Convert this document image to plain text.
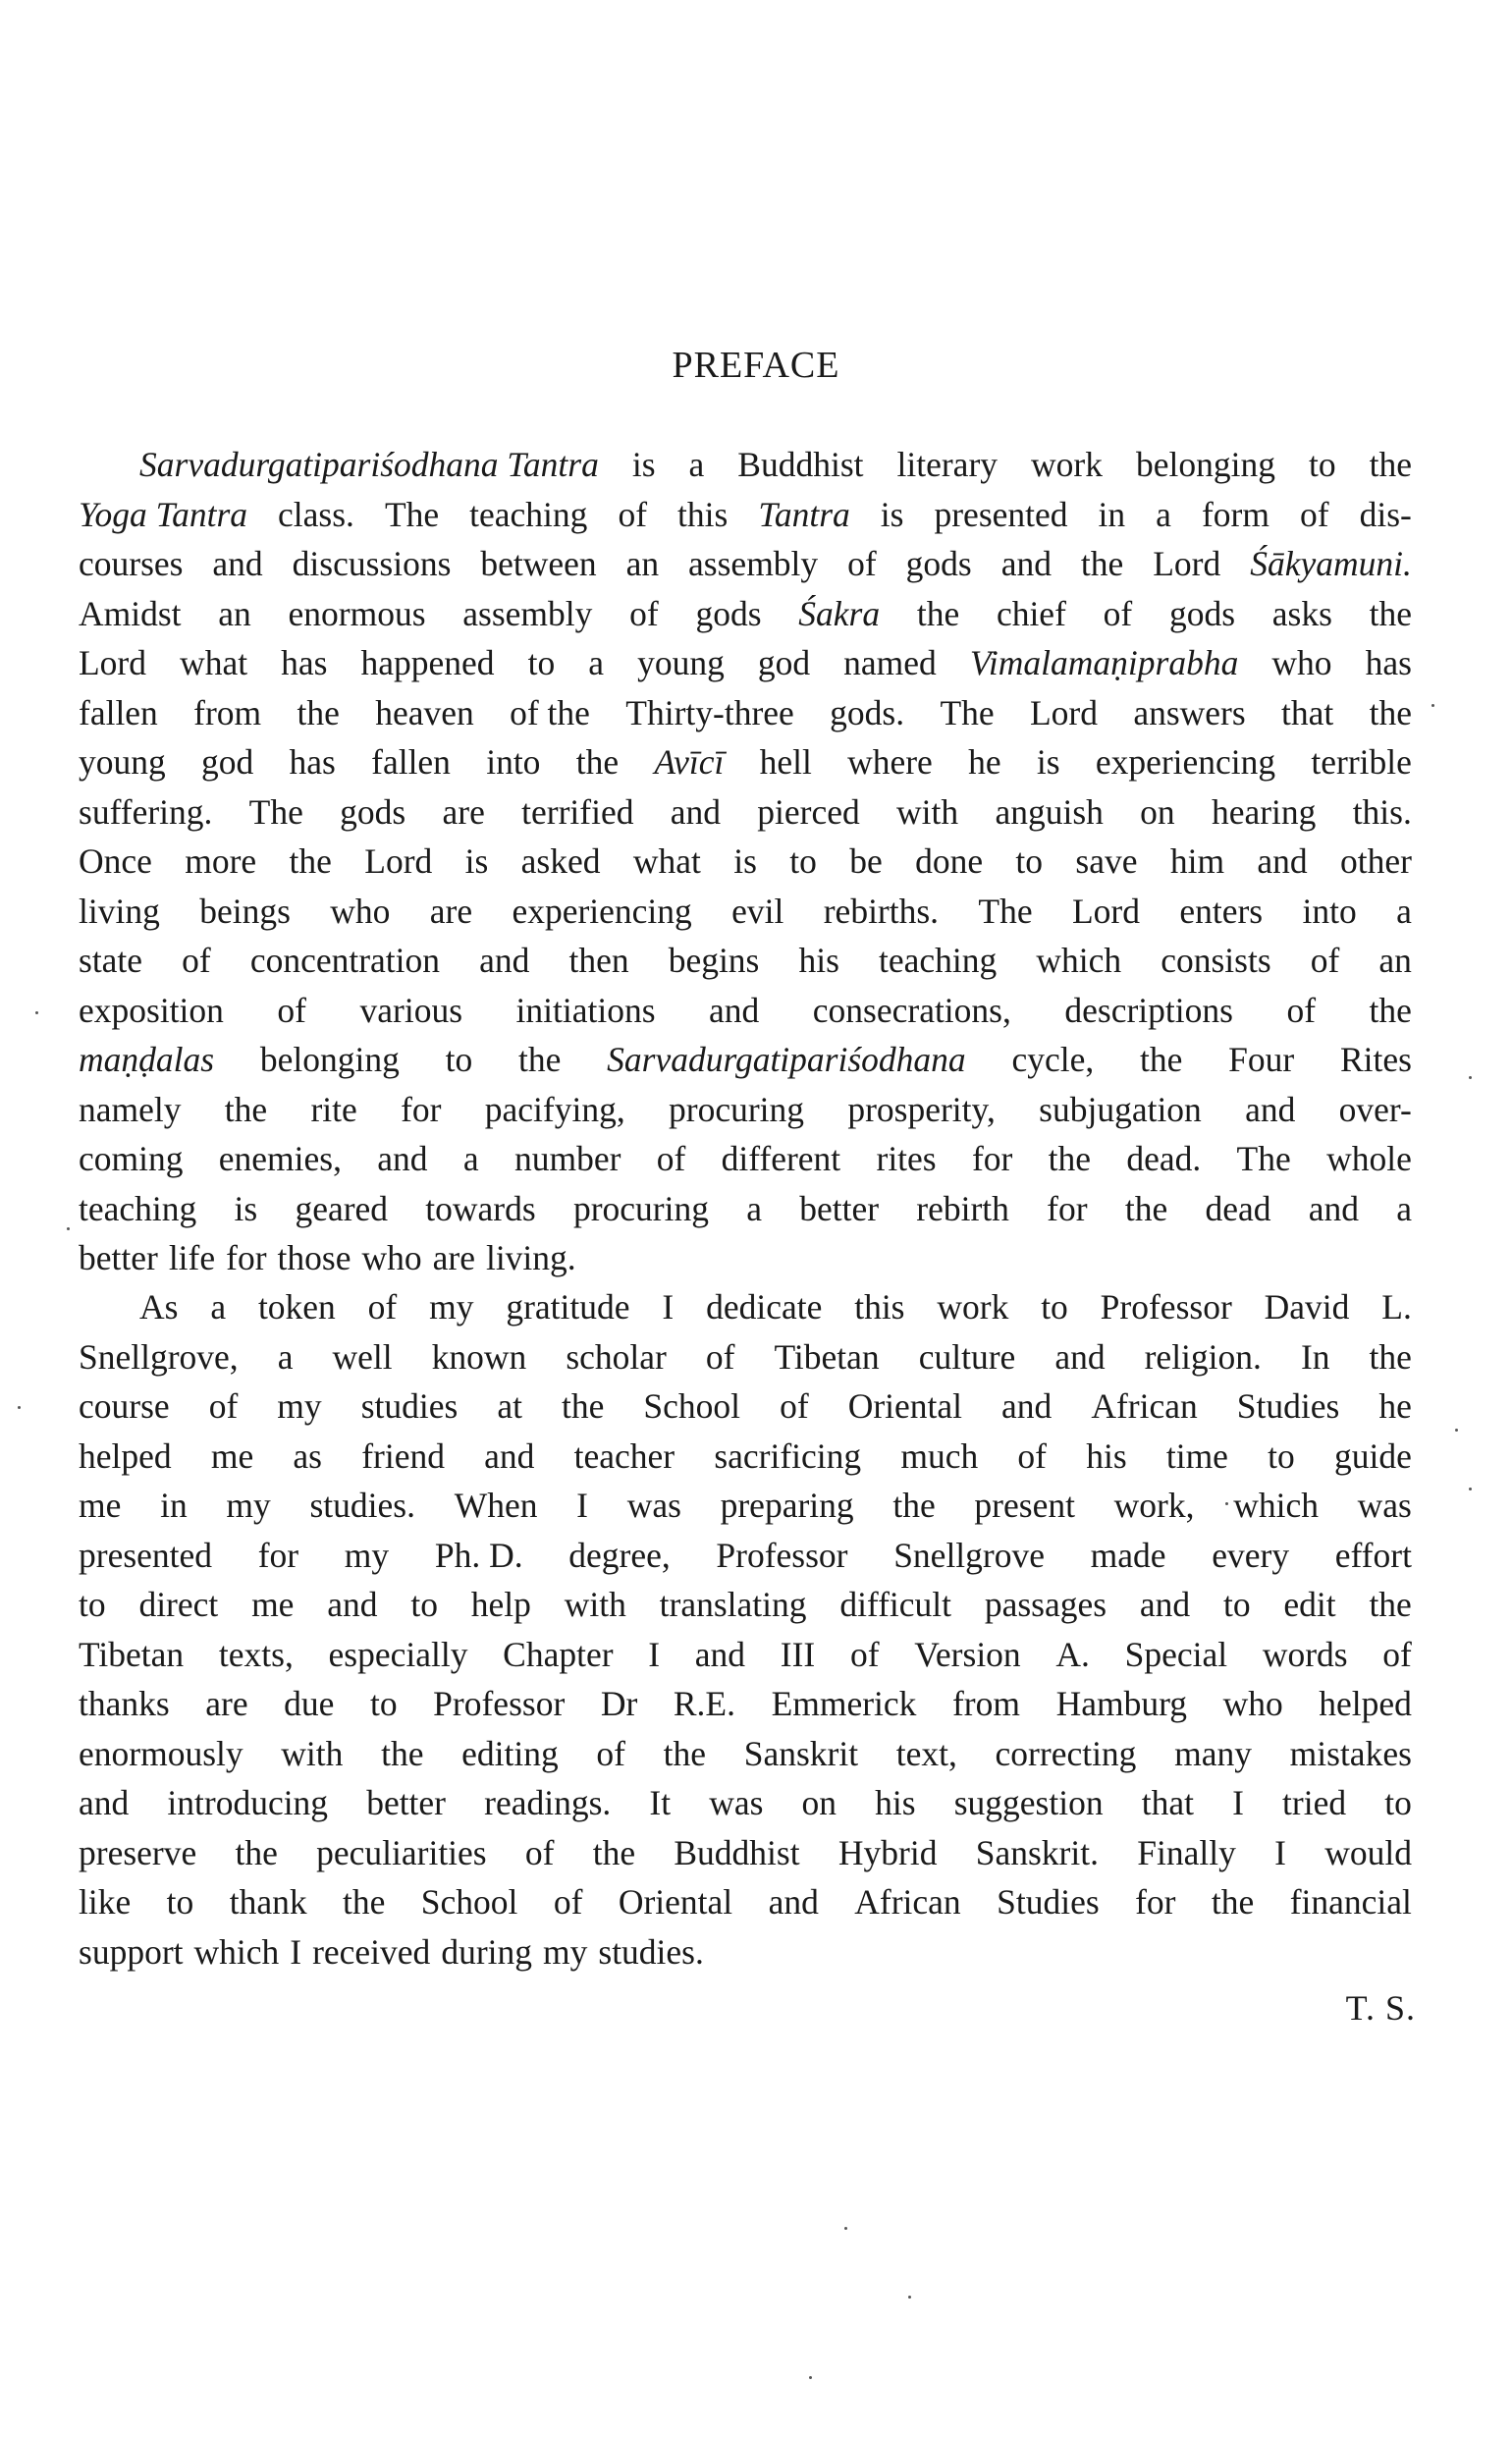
PREFACE
Sarvadurgatipariśodhana Tantra is a Buddhist literary work belonging to the
Yoga Tantra class. The teaching of this Tantra is presented in a form of dis-
courses and discussions between an assembly of gods and the Lord Śākyamuni.
Amidst an enormous assembly of gods Śakra the chief of gods asks the
Lord what has happened to a young god named Vimalamaṇiprabha who has
fallen from the heaven of the Thirty-three gods. The Lord answers that the
young god has fallen into the Avīcī hell where he is experiencing terrible
suffering. The gods are terrified and pierced with anguish on hearing this.
Once more the Lord is asked what is to be done to save him and other
living beings who are experiencing evil rebirths. The Lord enters into a
state of concentration and then begins his teaching which consists of an
exposition of various initiations and consecrations, descriptions of the
maṇḍalas belonging to the Sarvadurgatipariśodhana cycle, the Four Rites
namely the rite for pacifying, procuring prosperity, subjugation and over-
coming enemies, and a number of different rites for the dead. The whole
teaching is geared towards procuring a better rebirth for the dead and a
better life for those who are living.
As a token of my gratitude I dedicate this work to Professor David L.
Snellgrove, a well known scholar of Tibetan culture and religion. In the
course of my studies at the School of Oriental and African Studies he
helped me as friend and teacher sacrificing much of his time to guide
me in my studies. When I was preparing the present work, which was
presented for my Ph. D. degree, Professor Snellgrove made every effort
to direct me and to help with translating difficult passages and to edit the
Tibetan texts, especially Chapter I and III of Version A. Special words of
thanks are due to Professor Dr R.E. Emmerick from Hamburg who helped
enormously with the editing of the Sanskrit text, correcting many mistakes
and introducing better readings. It was on his suggestion that I tried to
preserve the peculiarities of the Buddhist Hybrid Sanskrit. Finally I would
like to thank the School of Oriental and African Studies for the financial
support which I received during my studies.
T. S.
